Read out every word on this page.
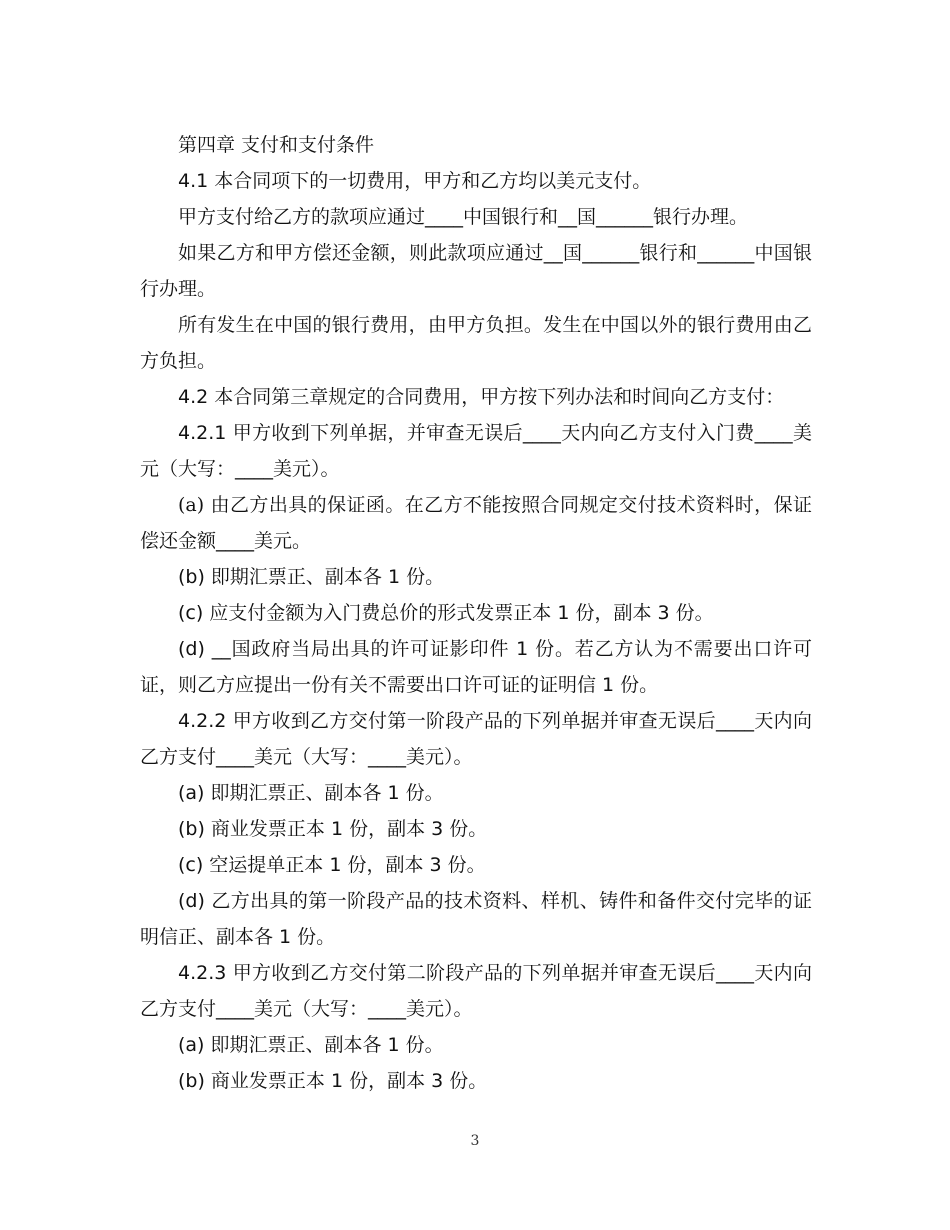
第四章 支付和支付条件

4.1 本合同项下的一切费用，甲方和乙方均以美元支付。

甲方支付给乙方的款项应通过____中国银行和__国______银行办理。

如果乙方和甲方偿还金额，则此款项应通过__国______银行和______中国银行办理。

所有发生在中国的银行费用，由甲方负担。发生在中国以外的银行费用由乙方负担。

4.2 本合同第三章规定的合同费用，甲方按下列办法和时间向乙方支付：

4.2.1 甲方收到下列单据，并审查无误后____天内向乙方支付入门费____美元（大写：____美元）。

(a) 由乙方出具的保证函。在乙方不能按照合同规定交付技术资料时，保证偿还金额____美元。

(b) 即期汇票正、副本各 1 份。

(c) 应支付金额为入门费总价的形式发票正本 1 份，副本 3 份。

(d) __国政府当局出具的许可证影印件 1 份。若乙方认为不需要出口许可证，则乙方应提出一份有关不需要出口许可证的证明信 1 份。

4.2.2 甲方收到乙方交付第一阶段产品的下列单据并审查无误后____天内向乙方支付____美元（大写：____美元）。

(a) 即期汇票正、副本各 1 份。

(b) 商业发票正本 1 份，副本 3 份。

(c) 空运提单正本 1 份，副本 3 份。

(d) 乙方出具的第一阶段产品的技术资料、样机、铸件和备件交付完毕的证明信正、副本各 1 份。

4.2.3 甲方收到乙方交付第二阶段产品的下列单据并审查无误后____天内向乙方支付____美元（大写：____美元）。

(a) 即期汇票正、副本各 1 份。

(b) 商业发票正本 1 份，副本 3 份。

3
